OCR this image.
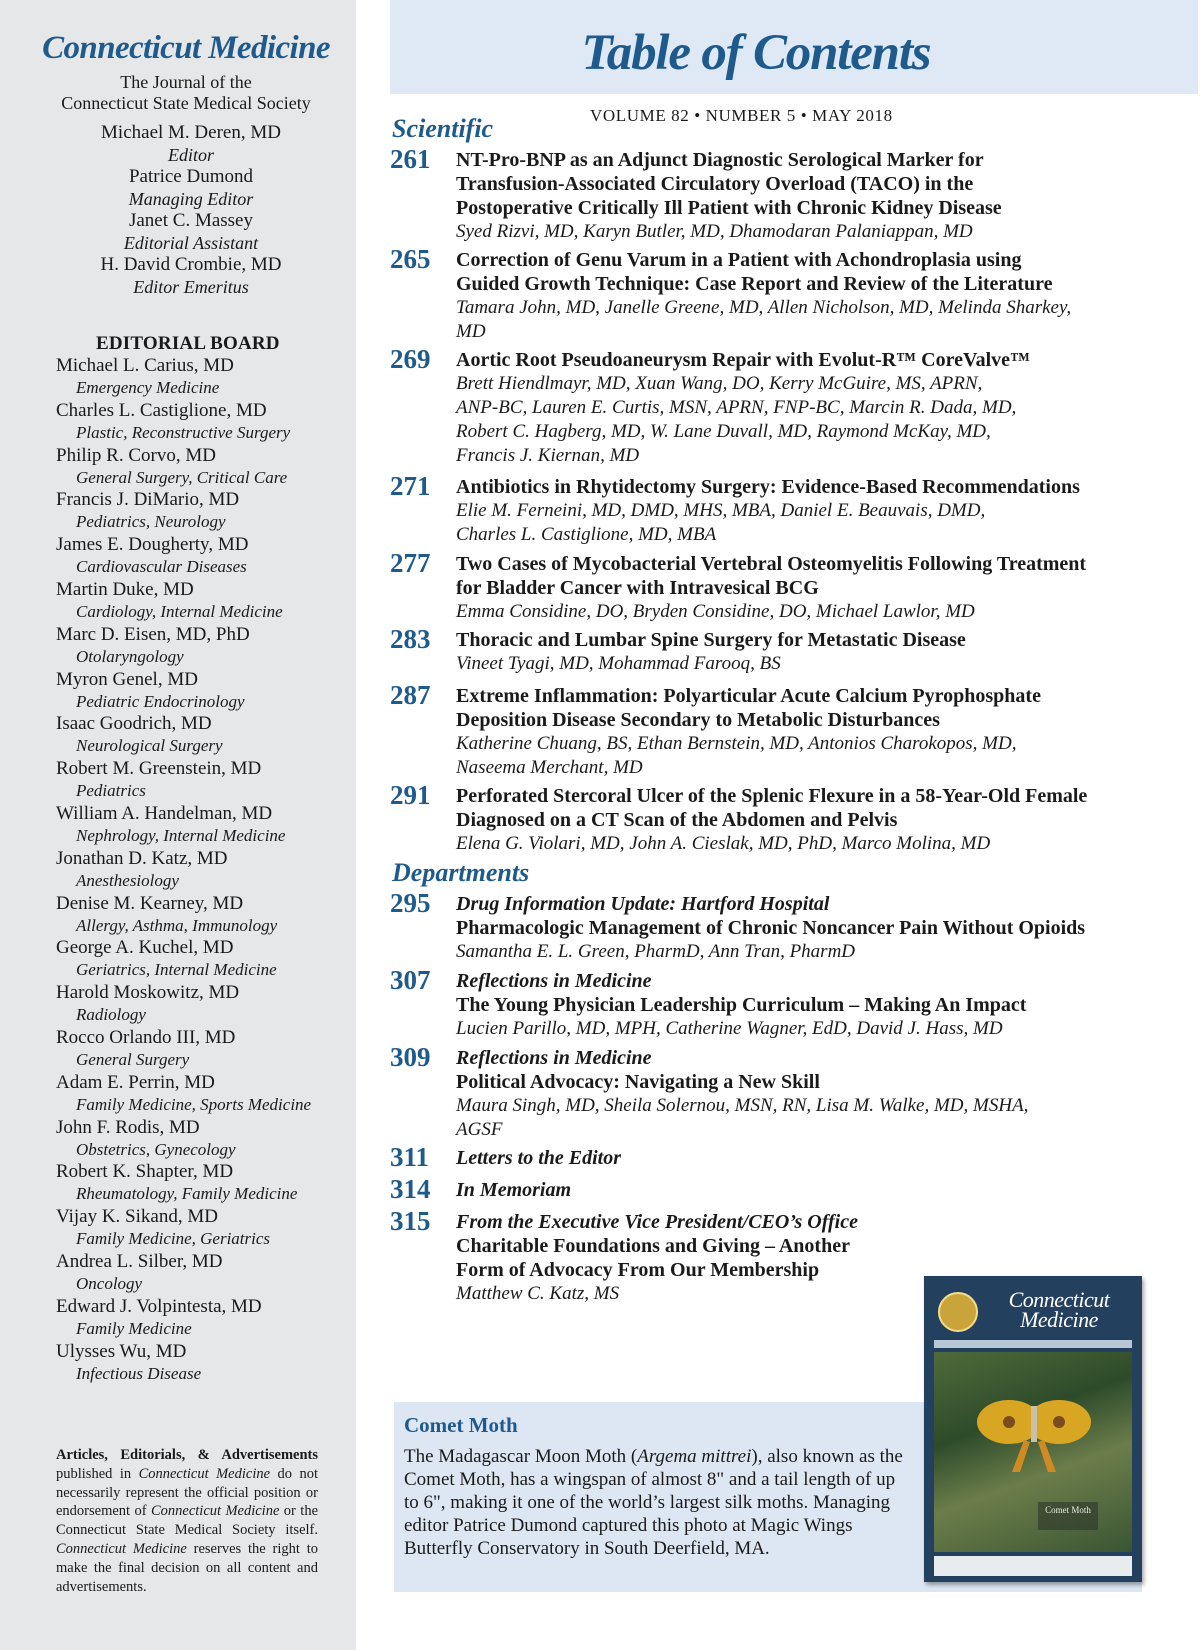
Connecticut Medicine
The Journal of the
Connecticut State Medical Society
Michael M. Deren, MD
Editor
Patrice Dumond
Managing Editor
Janet C. Massey
Editorial Assistant
H. David Crombie, MD
Editor Emeritus
EDITORIAL BOARD
Michael L. Carius, MD
Emergency Medicine
Charles L. Castiglione, MD
Plastic, Reconstructive Surgery
Philip R. Corvo, MD
General Surgery, Critical Care
Francis J. DiMario, MD
Pediatrics, Neurology
James E. Dougherty, MD
Cardiovascular Diseases
Martin Duke, MD
Cardiology, Internal Medicine
Marc D. Eisen, MD, PhD
Otolaryngology
Myron Genel, MD
Pediatric Endocrinology
Isaac Goodrich, MD
Neurological Surgery
Robert M. Greenstein, MD
Pediatrics
William A. Handelman, MD
Nephrology, Internal Medicine
Jonathan D. Katz, MD
Anesthesiology
Denise M. Kearney, MD
Allergy, Asthma, Immunology
George A. Kuchel, MD
Geriatrics, Internal Medicine
Harold Moskowitz, MD
Radiology
Rocco Orlando III, MD
General Surgery
Adam E. Perrin, MD
Family Medicine, Sports Medicine
John F. Rodis, MD
Obstetrics, Gynecology
Robert K. Shapter, MD
Rheumatology, Family Medicine
Vijay K. Sikand, MD
Family Medicine, Geriatrics
Andrea L. Silber, MD
Oncology
Edward J. Volpintesta, MD
Family Medicine
Ulysses Wu, MD
Infectious Disease
Articles, Editorials, & Advertisements published in Connecticut Medicine do not necessarily represent the official position or endorsement of Connecticut Medicine or the Connecticut State Medical Society itself. Connecticut Medicine reserves the right to make the final decision on all content and advertisements.
Table of Contents
VOLUME 82 • NUMBER 5 • MAY 2018
Scientific
261 NT-Pro-BNP as an Adjunct Diagnostic Serological Marker for
Transfusion-Associated Circulatory Overload (TACO) in the
Postoperative Critically Ill Patient with Chronic Kidney Disease
Syed Rizvi, MD, Karyn Butler, MD, Dhamodaran Palaniappan, MD
265 Correction of Genu Varum in a Patient with Achondroplasia using
Guided Growth Technique: Case Report and Review of the Literature
Tamara John, MD, Janelle Greene, MD, Allen Nicholson, MD, Melinda Sharkey,
MD
269 Aortic Root Pseudoaneurysm Repair with Evolut-R™ CoreValve™
Brett Hiendlmayr, MD, Xuan Wang, DO, Kerry McGuire, MS, APRN,
ANP-BC, Lauren E. Curtis, MSN, APRN, FNP-BC, Marcin R. Dada, MD,
Robert C. Hagberg, MD, W. Lane Duvall, MD, Raymond McKay, MD,
Francis J. Kiernan, MD
271 Antibiotics in Rhytidectomy Surgery: Evidence-Based Recommendations
Elie M. Ferneini, MD, DMD, MHS, MBA, Daniel E. Beauvais, DMD,
Charles L. Castiglione, MD, MBA
277 Two Cases of Mycobacterial Vertebral Osteomyelitis Following Treatment
for Bladder Cancer with Intravesical BCG
Emma Considine, DO, Bryden Considine, DO, Michael Lawlor, MD
283 Thoracic and Lumbar Spine Surgery for Metastatic Disease
Vineet Tyagi, MD, Mohammad Farooq, BS
287 Extreme Inflammation: Polyarticular Acute Calcium Pyrophosphate
Deposition Disease Secondary to Metabolic Disturbances
Katherine Chuang, BS, Ethan Bernstein, MD, Antonios Charokopos, MD,
Naseema Merchant, MD
291 Perforated Stercoral Ulcer of the Splenic Flexure in a 58-Year-Old Female
Diagnosed on a CT Scan of the Abdomen and Pelvis
Elena G. Violari, MD, John A. Cieslak, MD, PhD, Marco Molina, MD
Departments
295 Drug Information Update: Hartford Hospital
Pharmacologic Management of Chronic Noncancer Pain Without Opioids
Samantha E. L. Green, PharmD, Ann Tran, PharmD
307 Reflections in Medicine
The Young Physician Leadership Curriculum – Making An Impact
Lucien Parillo, MD, MPH, Catherine Wagner, EdD, David J. Hass, MD
309 Reflections in Medicine
Political Advocacy: Navigating a New Skill
Maura Singh, MD, Sheila Solernou, MSN, RN, Lisa M. Walke, MD, MSHA,
AGSF
311 Letters to the Editor
314 In Memoriam
315 From the Executive Vice President/CEO’s Office
Charitable Foundations and Giving – Another
Form of Advocacy From Our Membership
Matthew C. Katz, MS
Comet Moth
The Madagascar Moon Moth (Argema mittrei), also known as the Comet Moth, has a wingspan of almost 8" and a tail length of up to 6", making it one of the world’s largest silk moths. Managing editor Patrice Dumond captured this photo at Magic Wings Butterfly Conservatory in South Deerfield, MA.
Connecticut
Medicine
Comet Moth
